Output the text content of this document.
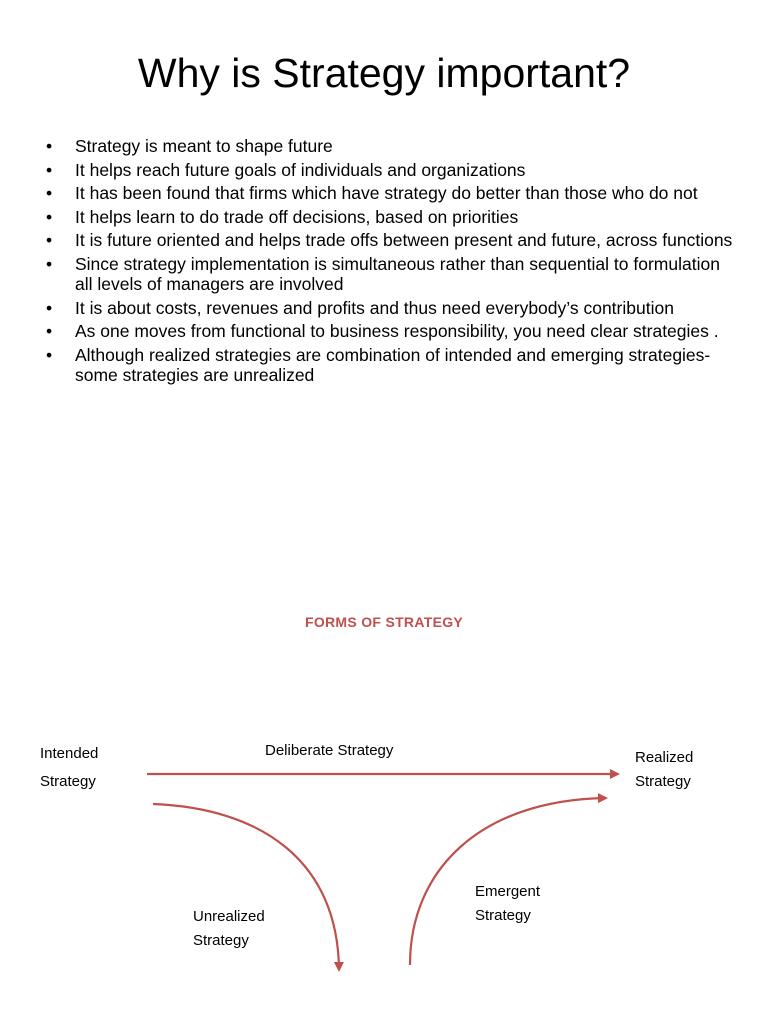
Why is Strategy important?
•	Strategy is meant to shape future
•	It helps reach future goals of individuals and organizations
•	It has been found that firms which have strategy do better than those who do not
•	It helps learn to do trade off decisions, based on priorities
•	It is future oriented and helps trade offs between present and future, across functions
•	Since strategy implementation is simultaneous rather than sequential to formulation all levels of managers are involved
•	It is about costs, revenues and profits and thus need everybody’s contribution
•	As one moves from functional to business responsibility, you need clear strategies .
•	Although realized strategies are combination of intended and emerging strategies- some strategies are unrealized
FORMS OF STRATEGY
Intended
Strategy
Deliberate Strategy	Realized
Strategy
Unrealized
Strategy
Emergent
Strategy
